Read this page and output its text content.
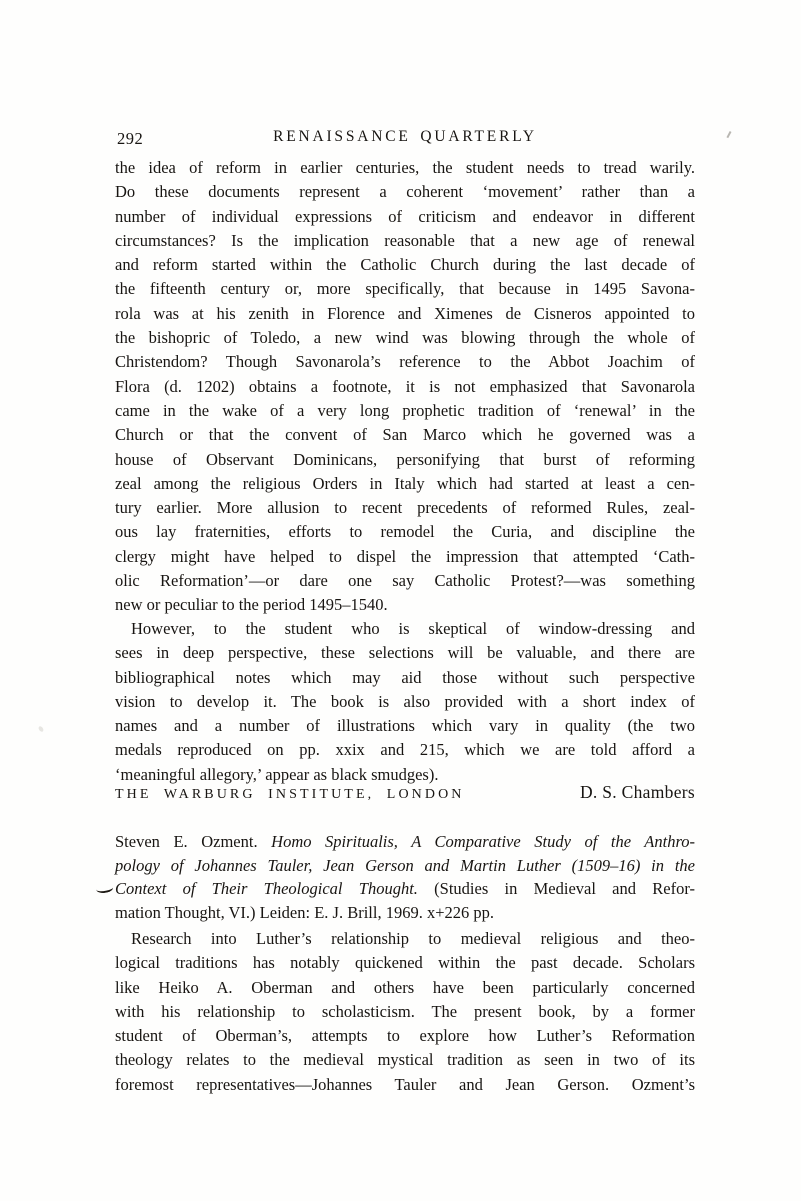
292	RENAISSANCE QUARTERLY
the idea of reform in earlier centuries, the student needs to tread warily.
Do these documents represent a coherent ‘movement’ rather than a
number of individual expressions of criticism and endeavor in different
circumstances? Is the implication reasonable that a new age of renewal
and reform started within the Catholic Church during the last decade of
the fifteenth century or, more specifically, that because in 1495 Savona-
rola was at his zenith in Florence and Ximenes de Cisneros appointed to
the bishopric of Toledo, a new wind was blowing through the whole of
Christendom? Though Savonarola’s reference to the Abbot Joachim of
Flora (d. 1202) obtains a footnote, it is not emphasized that Savonarola
came in the wake of a very long prophetic tradition of ‘renewal’ in the
Church or that the convent of San Marco which he governed was a
house of Observant Dominicans, personifying that burst of reforming
zeal among the religious Orders in Italy which had started at least a cen-
tury earlier. More allusion to recent precedents of reformed Rules, zeal-
ous lay fraternities, efforts to remodel the Curia, and discipline the
clergy might have helped to dispel the impression that attempted ‘Cath-
olic Reformation’—or dare one say Catholic Protest?—was something
new or peculiar to the period 1495–1540.
However, to the student who is skeptical of window-dressing and
sees in deep perspective, these selections will be valuable, and there are
bibliographical notes which may aid those without such perspective
vision to develop it. The book is also provided with a short index of
names and a number of illustrations which vary in quality (the two
medals reproduced on pp. xxix and 215, which we are told afford a
‘meaningful allegory,’ appear as black smudges).
THE WARBURG INSTITUTE, LONDON	D. S. Chambers
Steven E. Ozment. Homo Spiritualis, A Comparative Study of the Anthro-
pology of Johannes Tauler, Jean Gerson and Martin Luther (1509–16) in the
Context of Their Theological Thought. (Studies in Medieval and Refor-
mation Thought, VI.) Leiden: E. J. Brill, 1969. x+226 pp.
Research into Luther’s relationship to medieval religious and theo-
logical traditions has notably quickened within the past decade. Scholars
like Heiko A. Oberman and others have been particularly concerned
with his relationship to scholasticism. The present book, by a former
student of Oberman’s, attempts to explore how Luther’s Reformation
theology relates to the medieval mystical tradition as seen in two of its
foremost representatives—Johannes Tauler and Jean Gerson. Ozment’s
